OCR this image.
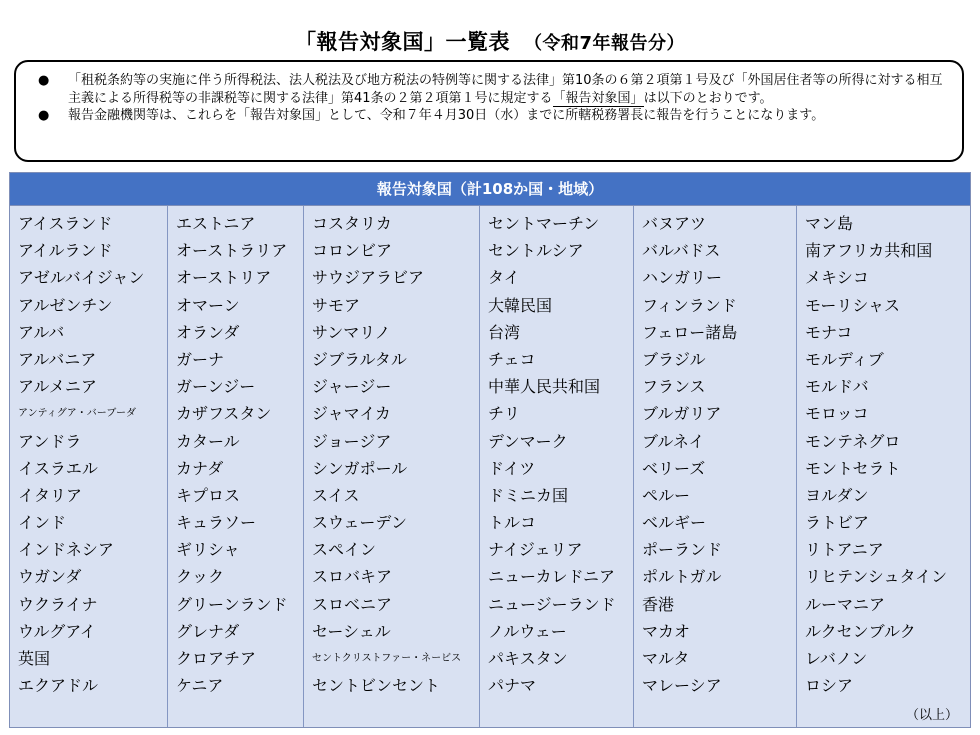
「報告対象国」一覧表 （令和7年報告分）
● 「租税条約等の実施に伴う所得税法、法人税法及び地方税法の特例等に関する法律」第10条の６第２項第１号及び「外国居住者等の所得に対する相互主義による所得税等の非課税等に関する法律」第41条の２第２項第１号に規定する「報告対象国」は以下のとおりです。
● 報告金融機関等は、これらを「報告対象国」として、令和７年４月30日（水）までに所轄税務署長に報告を行うことになります。
報告対象国（計108か国・地域）
アイスランド
アイルランド
アゼルバイジャン
アルゼンチン
アルバ
アルバニア
アルメニア
アンティグア・バーブーダ
アンドラ
イスラエル
イタリア
インド
インドネシア
ウガンダ
ウクライナ
ウルグアイ
英国
エクアドル
エストニア
オーストラリア
オーストリア
オマーン
オランダ
ガーナ
ガーンジー
カザフスタン
カタール
カナダ
キプロス
キュラソー
ギリシャ
クック
グリーンランド
グレナダ
クロアチア
ケニア
コスタリカ
コロンビア
サウジアラビア
サモア
サンマリノ
ジブラルタル
ジャージー
ジャマイカ
ジョージア
シンガポール
スイス
スウェーデン
スペイン
スロバキア
スロベニア
セーシェル
セントクリストファー・ネービス
セントビンセント
セントマーチン
セントルシア
タイ
大韓民国
台湾
チェコ
中華人民共和国
チリ
デンマーク
ドイツ
ドミニカ国
トルコ
ナイジェリア
ニューカレドニア
ニュージーランド
ノルウェー
パキスタン
パナマ
バヌアツ
バルバドス
ハンガリー
フィンランド
フェロー諸島
ブラジル
フランス
ブルガリア
ブルネイ
ベリーズ
ペルー
ベルギー
ポーランド
ポルトガル
香港
マカオ
マルタ
マレーシア
マン島
南アフリカ共和国
メキシコ
モーリシャス
モナコ
モルディブ
モルドバ
モロッコ
モンテネグロ
モントセラト
ヨルダン
ラトビア
リトアニア
リヒテンシュタイン
ルーマニア
ルクセンブルク
レバノン
ロシア
（以上）
